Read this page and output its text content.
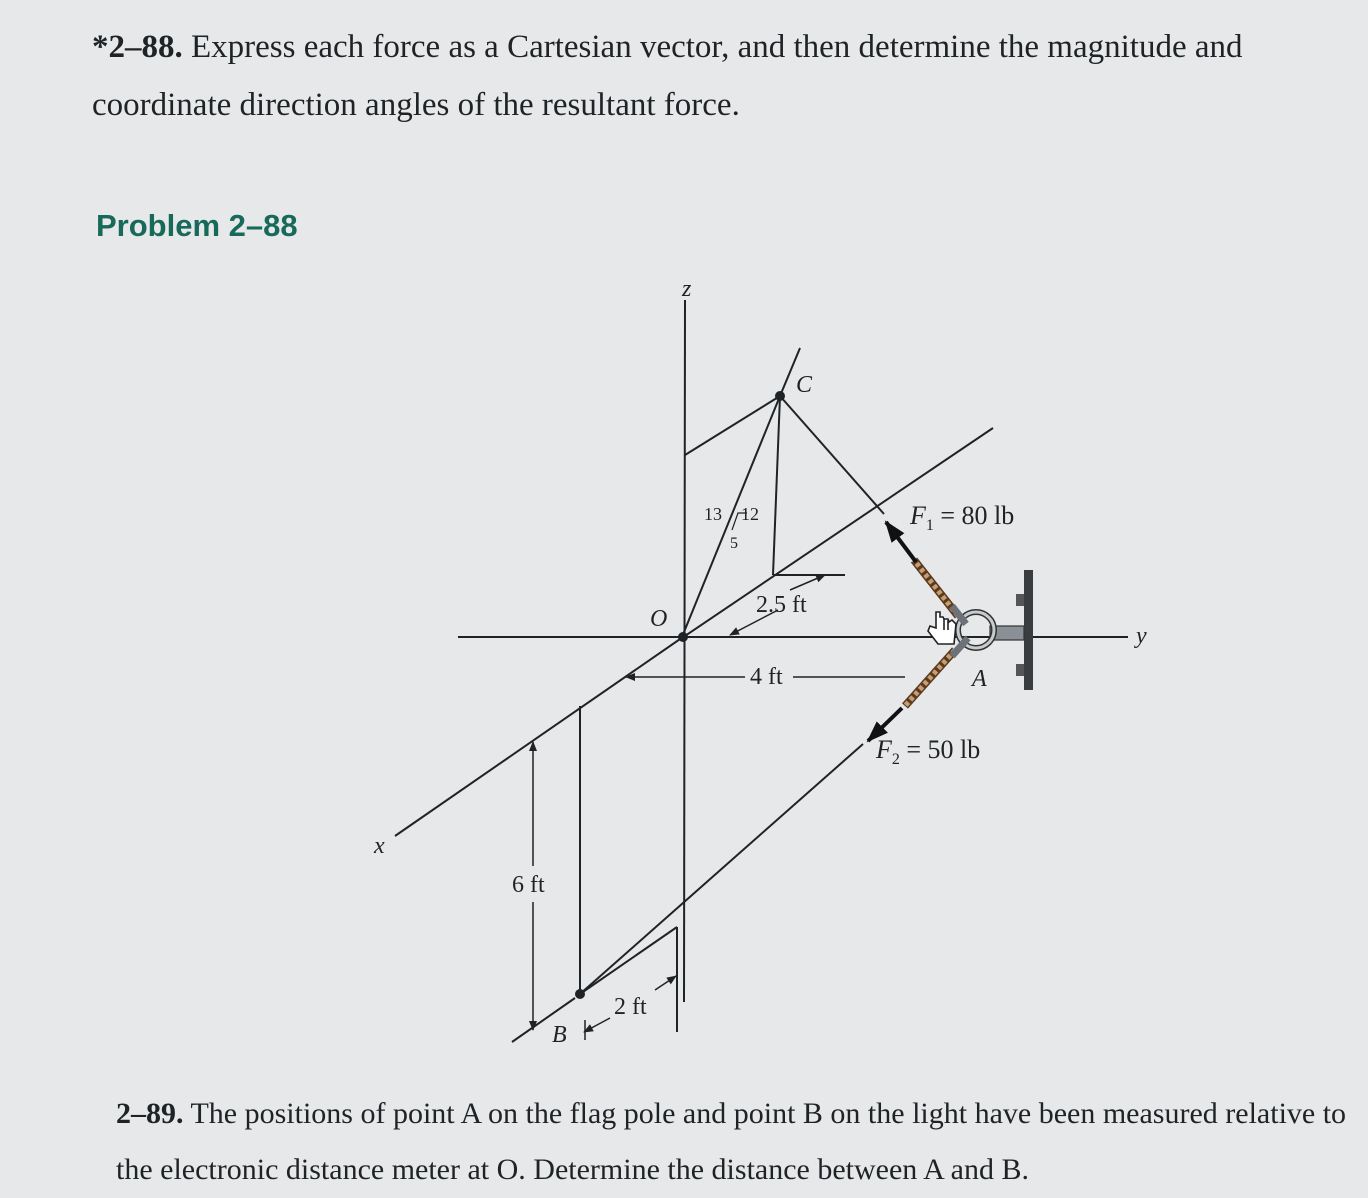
*2–88. Express each force as a Cartesian vector, and then determine the magnitude and coordinate direction angles of the resultant force.
Problem 2–88
z
y
x
C
O
A
B
13 12
5
2.5 ft
4 ft
6 ft
2 ft
$F_1 = 80$ lb
$F_2 = 50$ lb
2–89. The positions of point A on the flag pole and point B on the light have been measured relative to the electronic distance meter at O. Determine the distance between A and B.
